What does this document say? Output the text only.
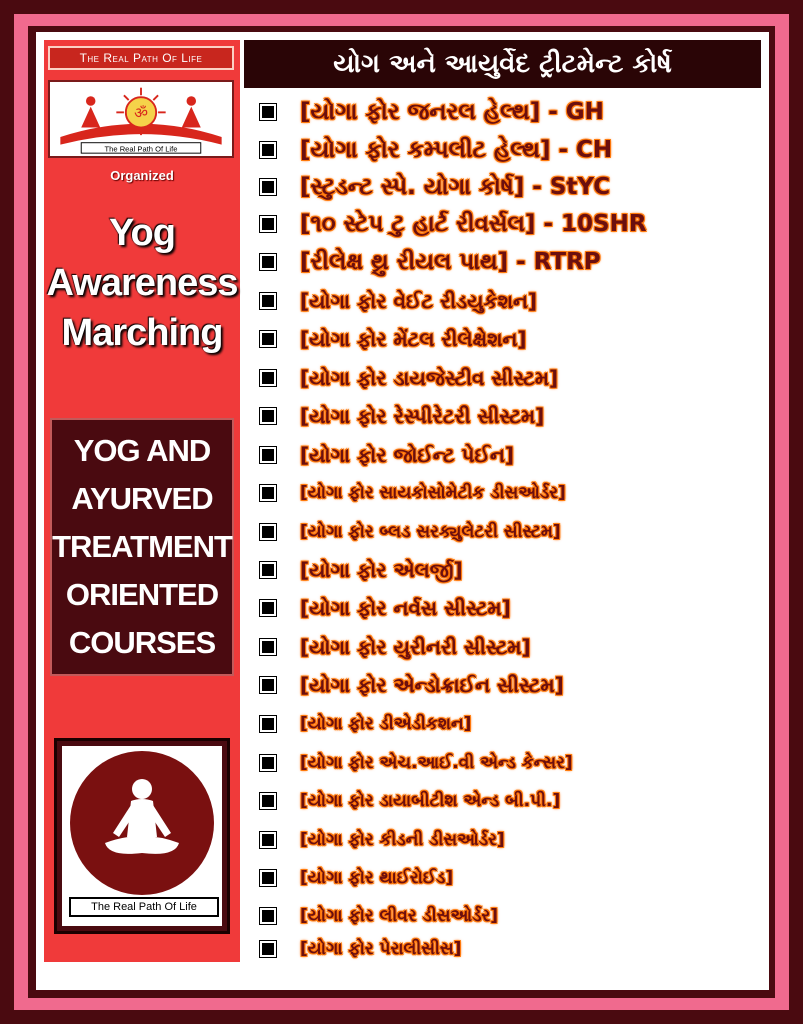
The Real Path Of Life
ॐ
The Real Path Of Life
Organized
Yog
Awareness
Marching
YOG AND
AYURVED
TREATMENT
ORIENTED
COURSES
The Real Path Of Life
યોગ અને આયુર્વેદ ટ્રીટમેન્ટ કોર્ષ
[યોગા ફોર જનરલ હેલ્થ] - GH
[યોગા ફોર કમ્પલીટ હેલ્થ] - CH
[સ્ટુડન્ટ સ્પે. યોગા કોર્ષ] - StYC
[૧૦ સ્ટેપ ટુ હાર્ટ રીવર્સલ] - 10SHR
[રીલેક્ષ થ્રુ રીયલ પાથ] - RTRP
[યોગા ફોર વેઈટ રીડયુકેશન]
[યોગા ફોર મેંટલ રીલેક્ષેશન]
[યોગા ફોર ડાયજેસ્ટીવ સીસ્ટમ]
[યોગા ફોર રેસ્પીરેટરી સીસ્ટમ]
[યોગા ફોર જોઈન્ટ પેઈન]
[યોગા ફોર સાયકોસોમેટીક ડીસઓર્ડર]
[યોગા ફોર બ્લડ સરક્યુલેટરી સીસ્ટમ]
[યોગા ફોર એલર્જી]
[યોગા ફોર નર્વસ સીસ્ટમ]
[યોગા ફોર યુરીનરી સીસ્ટમ]
[યોગા ફોર એન્ડોક્રાઈન સીસ્ટમ]
[યોગા ફોર ડીએડીકશન]
[યોગા ફોર એચ.આઈ.વી એન્ડ કેન્સર]
[યોગા ફોર ડાયાબીટીશ એન્ડ બી.પી.]
[યોગા ફોર કીડની ડીસઓર્ડર]
[યોગા ફોર થાઈરોઈડ]
[યોગા ફોર લીવર ડીસઓર્ડર]
[યોગા ફોર પેરાલીસીસ]
